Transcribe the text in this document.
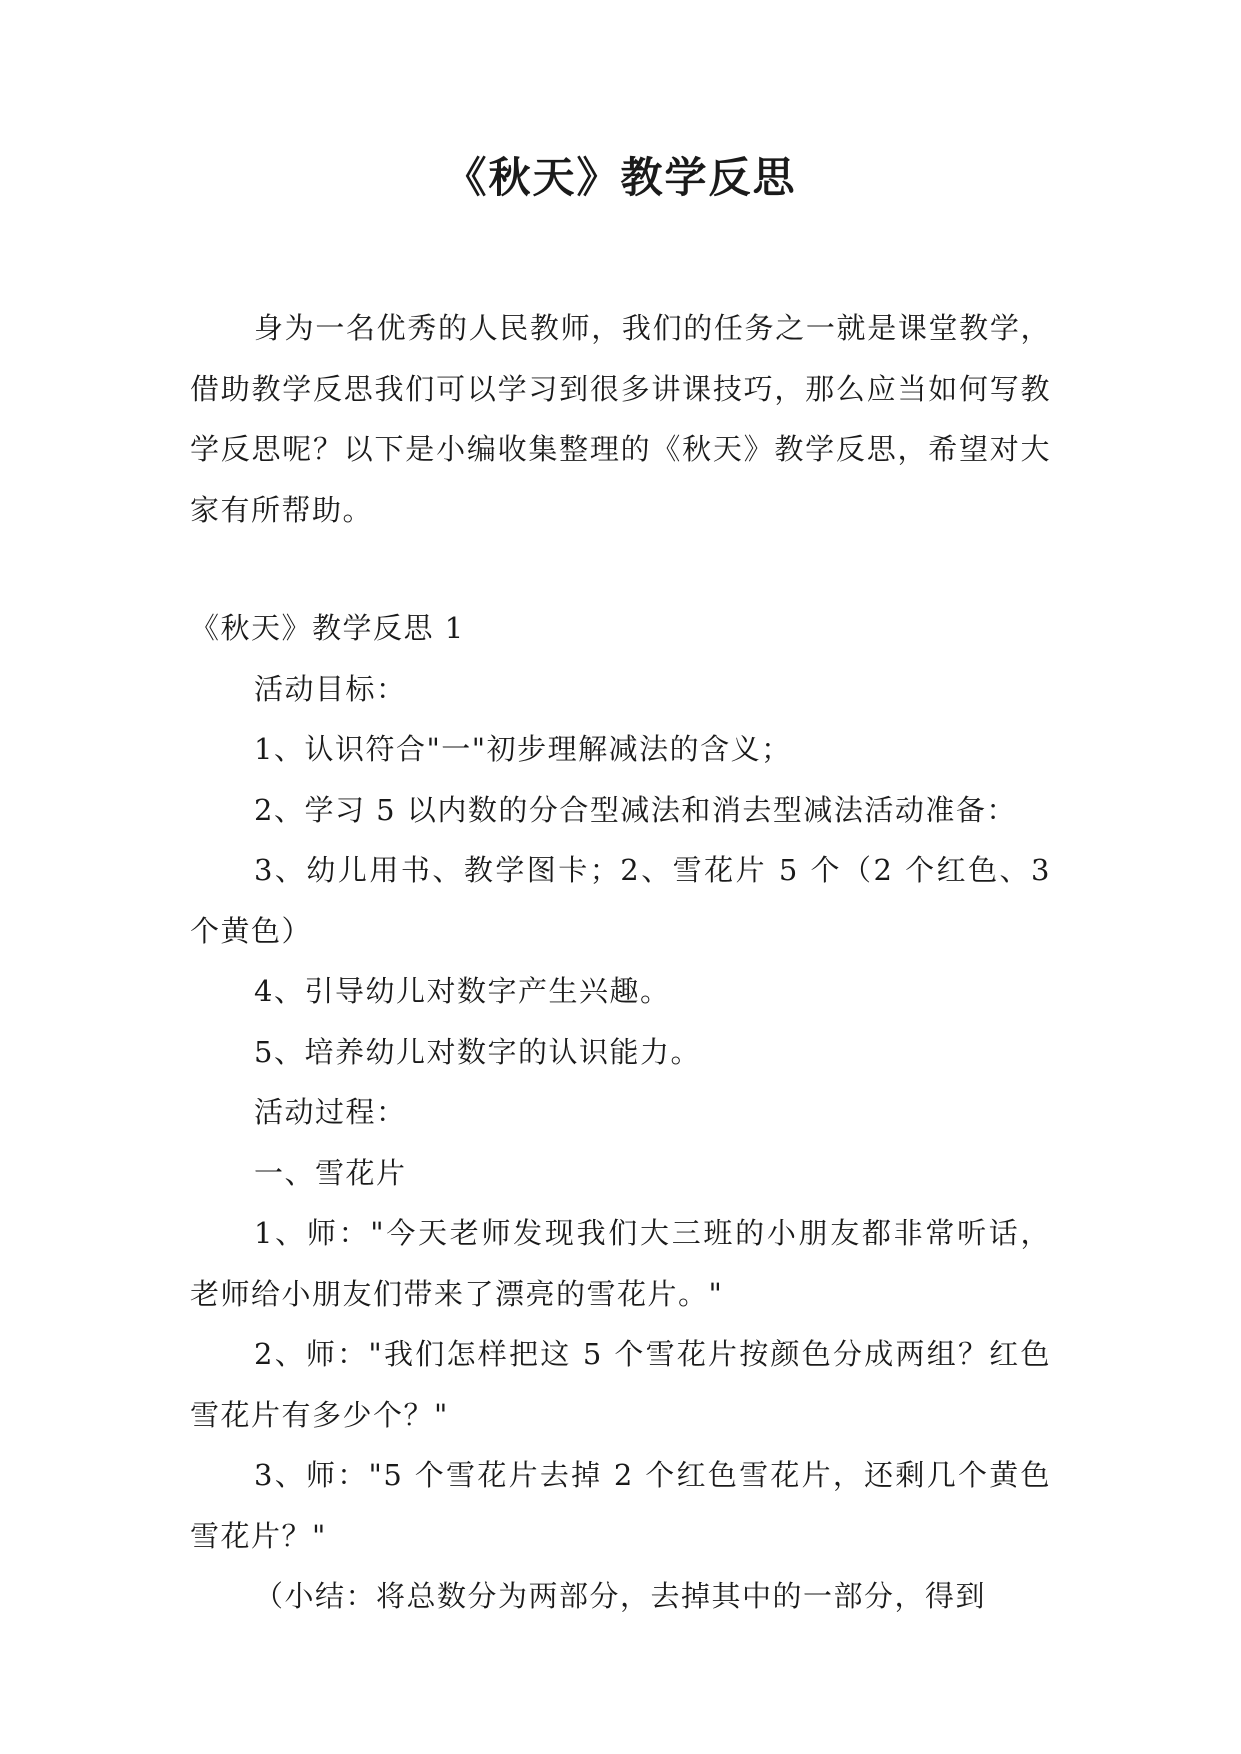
《秋天》教学反思

身为一名优秀的人民教师，我们的任务之一就是课堂教学，借助教学反思我们可以学习到很多讲课技巧，那么应当如何写教学反思呢？以下是小编收集整理的《秋天》教学反思，希望对大家有所帮助。

《秋天》教学反思 1

活动目标：

1、认识符合"一"初步理解减法的含义；

2、学习 5 以内数的分合型减法和消去型减法活动准备：

3、幼儿用书、教学图卡；2、雪花片 5 个（2 个红色、3 个黄色）

4、引导幼儿对数字产生兴趣。

5、培养幼儿对数字的认识能力。

活动过程：

一、雪花片

1、师："今天老师发现我们大三班的小朋友都非常听话，老师给小朋友们带来了漂亮的雪花片。"

2、师："我们怎样把这 5 个雪花片按颜色分成两组？红色雪花片有多少个？"

3、师："5 个雪花片去掉 2 个红色雪花片，还剩几个黄色雪花片？"

（小结：将总数分为两部分，去掉其中的一部分，得到
